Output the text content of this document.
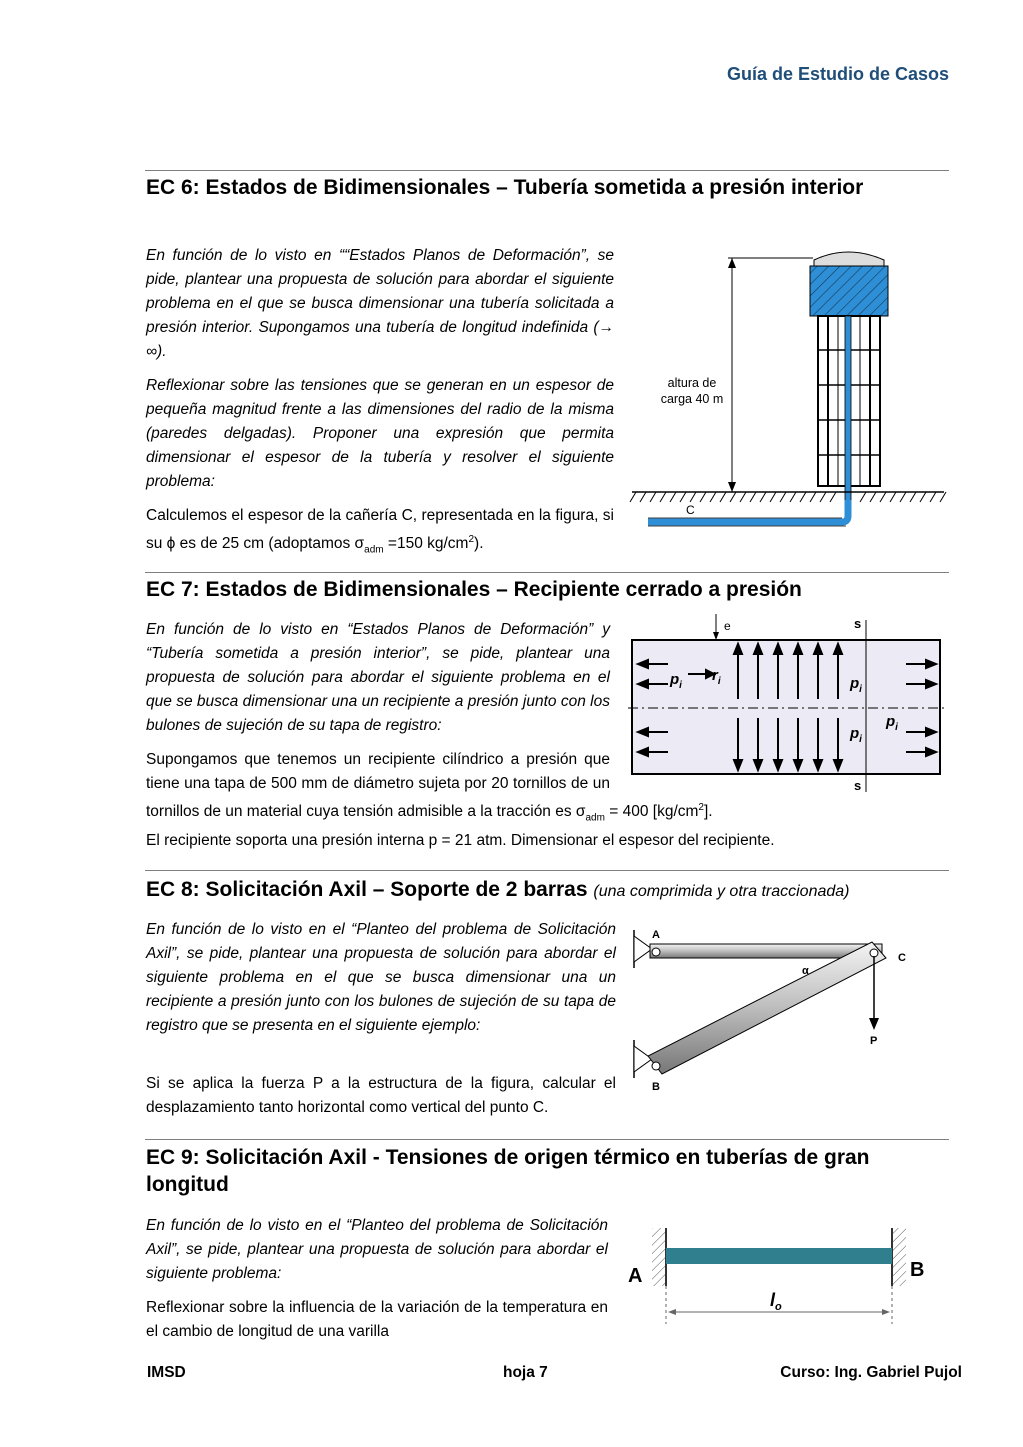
Guía de Estudio de Casos
EC 6: Estados de Bidimensionales – Tubería sometida a presión interior
En función de lo visto en ““Estados Planos de Deformación”, se pide, plantear una propuesta de solución para abordar el siguiente problema en el que se busca dimensionar una tubería solicitada a presión interior. Supongamos una tubería de longitud indefinida (→ ∞).
Reflexionar sobre las tensiones que se generan en un espesor de pequeña magnitud frente a las dimensiones del radio de la misma (paredes delgadas). Proponer una expresión que permita dimensionar el espesor de la tubería y resolver el siguiente problema:
Calculemos el espesor de la cañería C, representada en la figura, si su ϕ es de 25 cm (adoptamos $\sigma_{adm} =150$ $kg/cm^2$).
C
altura de carga 40 m
EC 7: Estados de Bidimensionales – Recipiente cerrado a presión
En función de lo visto en “Estados Planos de Deformación” y “Tubería sometida a presión interior”, se pide, plantear una propuesta de solución para abordar el siguiente problema en el que se busca dimensionar una un recipiente a presión junto con los bulones de sujeción de su tapa de registro:
Supongamos que tenemos un recipiente cilíndrico a presión que tiene una tapa de 500 mm de diámetro sujeta por 20 tornillos de un
tornillos de un material cuya tensión admisible a la tracción es $\sigma_{adm} = 400$ $[kg/cm^2]$.
El recipiente soporta una presión interna p = 21 atm. Dimensionar el espesor del recipiente.
e	s
s
$p_i$
$r_i$	$p_i$
$p_i$
$p_i$
EC 8: Solicitación Axil – Soporte de 2 barras (una comprimida y otra traccionada)
En función de lo visto en el “Planteo del problema de Solicitación Axil”, se pide, plantear una propuesta de solución para abordar el siguiente problema en el que se busca dimensionar una un recipiente a presión junto con los bulones de sujeción de su tapa de registro que se presenta en el siguiente ejemplo:
Si se aplica la fuerza P a la estructura de la figura, calcular el desplazamiento tanto horizontal como vertical del punto C.
A
B
C
P
α
EC 9: Solicitación Axil - Tensiones de origen térmico en tuberías de gran longitud
En función de lo visto en el “Planteo del problema de Solicitación Axil”, se pide, plantear una propuesta de solución para abordar el siguiente problema:
Reflexionar sobre la influencia de la variación de la temperatura en el cambio de longitud de una varilla
A	B
$l_o$
IMSD	hoja 7	Curso: Ing. Gabriel Pujol
